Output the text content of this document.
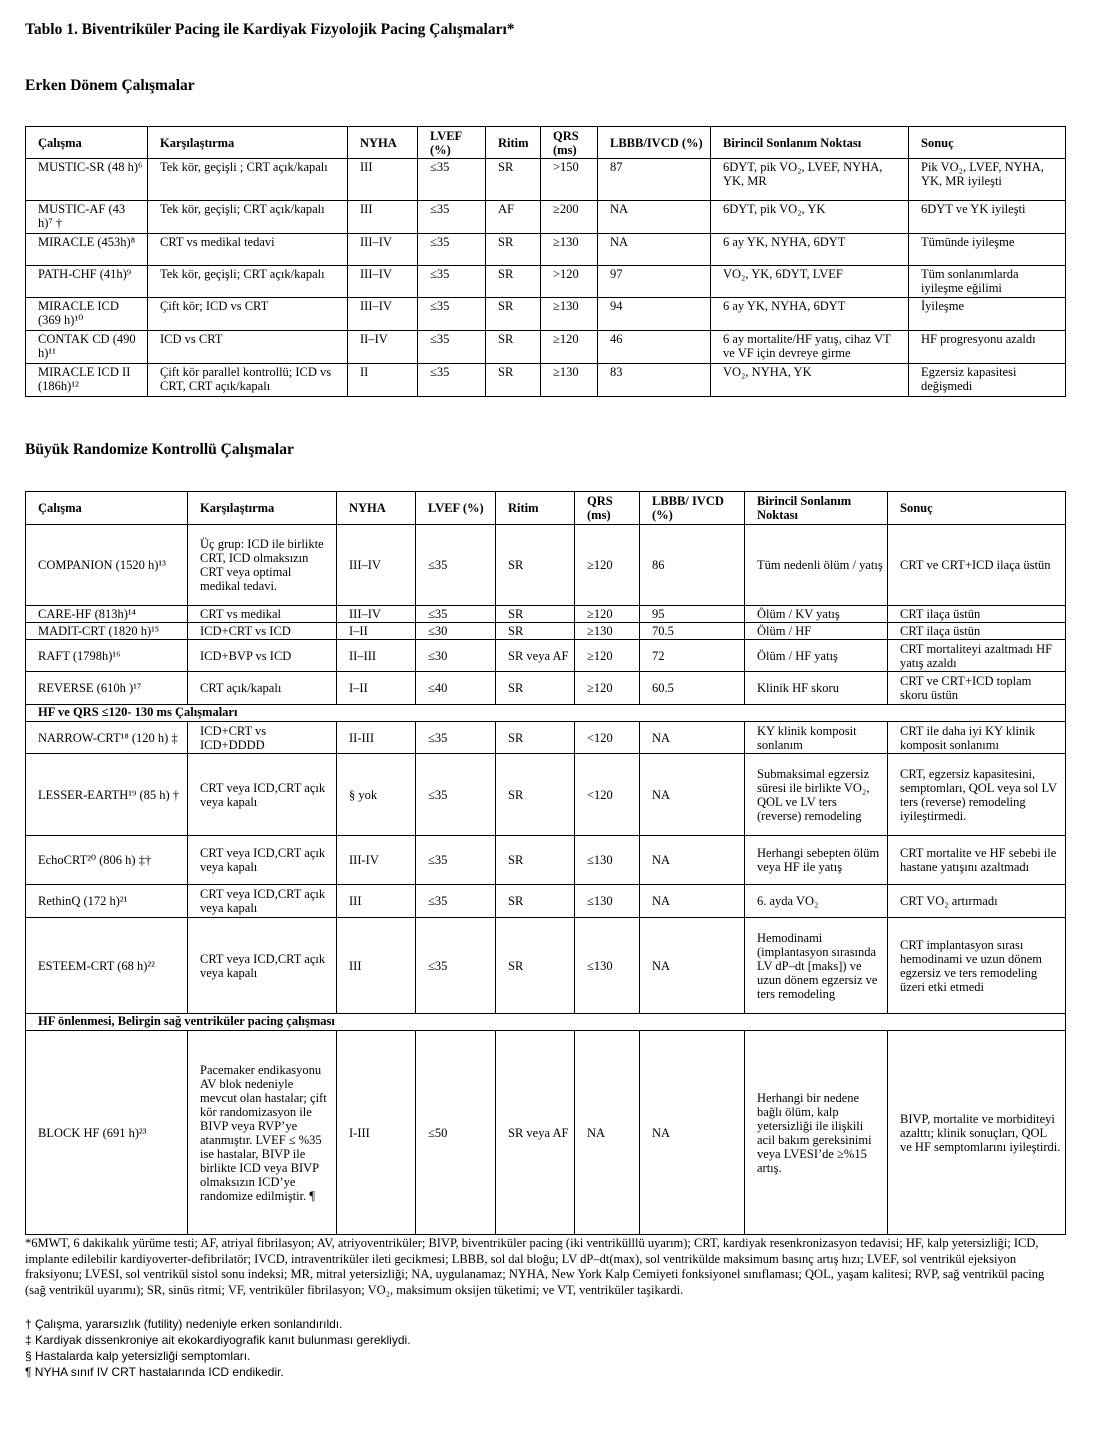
Tablo 1. Biventriküler Pacing ile Kardiyak Fizyolojik Pacing Çalışmaları*
Erken Dönem Çalışmalar
Çalışma	Karşılaştırma	NYHA	LVEF (%)	Ritim	QRS (ms)	LBBB/IVCD (%)	Birincil Sonlanım Noktası	Sonuç
MUSTIC-SR (48 h)⁶	Tek kör, geçişli ; CRT açık/kapalı	III	≤35	SR	>150	87	6DYT, pik VO₂, LVEF, NYHA, YK, MR	Pik VO₂, LVEF, NYHA, YK, MR iyileşti
MUSTIC-AF (43 h)⁷ †	Tek kör, geçişli; CRT açık/kapalı	III	≤35	AF	≥200	NA	6DYT, pik VO₂, YK	6DYT ve YK iyileşti
MIRACLE (453h)⁸	CRT vs medikal tedavi	III–IV	≤35	SR	≥130	NA	6 ay YK, NYHA, 6DYT	Tümünde iyileşme
PATH-CHF (41h)⁹	Tek kör, geçişli; CRT açık/kapalı	III–IV	≤35	SR	>120	97	VO₂, YK, 6DYT, LVEF	Tüm sonlanımlarda iyileşme eğilimi
MIRACLE ICD (369 h)¹⁰	Çift kör; ICD vs CRT	III–IV	≤35	SR	≥130	94	6 ay YK, NYHA, 6DYT	İyileşme
CONTAK CD (490 h)¹¹	ICD vs CRT	II–IV	≤35	SR	≥120	46	6 ay mortalite/HF yatış, cihaz VT ve VF için devreye girme	HF progresyonu azaldı
MIRACLE ICD II (186h)¹²	Çift kör parallel kontrollü; ICD vs CRT, CRT açık/kapalı	II	≤35	SR	≥130	83	VO₂, NYHA, YK	Egzersiz kapasitesi değişmedi
Büyük Randomize Kontrollü Çalışmalar
Çalışma	Karşılaştırma	NYHA	LVEF (%)	Ritim	QRS (ms)	LBBB/ IVCD (%)	Birincil Sonlanım Noktası	Sonuç
COMPANION (1520 h)¹³	Üç grup: ICD ile birlikte CRT, ICD olmaksızın CRT veya optimal medikal tedavi.	III–IV	≤35	SR	≥120	86	Tüm nedenli ölüm / yatış	CRT ve CRT+ICD ilaça üstün
CARE-HF (813h)¹⁴	CRT vs medikal	III–IV	≤35	SR	≥120	95	Ölüm / KV yatış	CRT ilaça üstün
MADIT-CRT (1820 h)¹⁵	ICD+CRT vs ICD	I–II	≤30	SR	≥130	70.5	Ölüm / HF	CRT ilaça üstün
RAFT (1798h)¹⁶	ICD+BVP vs ICD	II–III	≤30	SR veya AF	≥120	72	Ölüm / HF yatış	CRT mortaliteyi azaltmadı HF yatış azaldı
REVERSE (610h )¹⁷	CRT açık/kapalı	I–II	≤40	SR	≥120	60.5	Klinik HF skoru	CRT ve CRT+ICD toplam skoru üstün
HF ve QRS ≤120- 130 ms Çalışmaları								
NARROW-CRT¹⁸ (120 h) ‡	ICD+CRT vs ICD+DDDD	II-III	≤35	SR	<120	NA	KY klinik komposit sonlanım	CRT ile daha iyi KY klinik komposit sonlanımı
LESSER-EARTH¹⁹ (85 h) †	CRT veya ICD,CRT açık veya kapalı	§ yok	≤35	SR	<120	NA	Submaksimal egzersiz süresi ile birlikte VO₂, QOL ve LV ters (reverse) remodeling	CRT, egzersiz kapasitesini, semptomları, QOL veya sol LV ters (reverse) remodeling iyileştirmedi.
EchoCRT²⁰ (806 h) ‡†	CRT veya ICD,CRT açık veya kapalı	III-IV	≤35	SR	≤130	NA	Herhangi sebepten ölüm veya HF ile yatış	CRT mortalite ve HF sebebi ile hastane yatışını azaltmadı
RethinQ (172 h)²¹	CRT veya ICD,CRT açık veya kapalı	III	≤35	SR	≤130	NA	6. ayda VO₂	CRT VO₂ artırmadı
ESTEEM-CRT (68 h)²²	CRT veya ICD,CRT açık veya kapalı	III	≤35	SR	≤130	NA	Hemodinami (implantasyon sırasında LV dP–dt [maks]) ve uzun dönem egzersiz ve ters remodeling	CRT implantasyon sırası hemodinami ve uzun dönem egzersiz ve ters remodeling üzeri etki etmedi
HF önlenmesi, Belirgin sağ ventriküler pacing çalışması								
BLOCK HF (691 h)²³	Pacemaker endikasyonu AV blok nedeniyle mevcut olan hastalar; çift kör randomizasyon ile BIVP veya RVP’ye atanmıştır. LVEF ≤ %35 ise hastalar, BIVP ile birlikte ICD veya BIVP olmaksızın ICD’ye randomize edilmiştir. ¶	I-III	≤50	SR veya AF	NA	NA	Herhangi bir nedene bağlı ölüm, kalp yetersizliği ile ilişkili acil bakım gereksinimi veya LVESI’de ≥%15 artış.	BIVP, mortalite ve morbiditeyi azalttı; klinik sonuçları, QOL ve HF semptomlarını iyileştirdi.
*6MWT, 6 dakikalık yürüme testi; AF, atriyal fibrilasyon; AV, atriyoventriküler; BIVP, biventriküler pacing (iki ventrikülllü uyarım); CRT, kardiyak resenkronizasyon tedavisi; HF, kalp yetersizliği; ICD, implante edilebilir kardiyoverter-defibrilatör; IVCD, intraventriküler ileti gecikmesi; LBBB, sol dal bloğu; LV dP–dt(max), sol ventrikülde maksimum basınç artış hızı; LVEF, sol ventrikül ejeksiyon fraksiyonu; LVESI, sol ventrikül sistol sonu indeksi; MR, mitral yetersizliği; NA, uygulanamaz; NYHA, New York Kalp Cemiyeti fonksiyonel sınıflaması; QOL, yaşam kalitesi; RVP, sağ ventrikül pacing (sağ ventrikül uyarımı); SR, sinüs ritmi; VF, ventriküler fibrilasyon; VO₂, maksimum oksijen tüketimi; ve VT, ventriküler taşikardi.
† Çalışma, yararsızlık (futility) nedeniyle erken sonlandırıldı.
‡ Kardiyak dissenkroniye ait ekokardiyografik kanıt bulunması gerekliydi.
§ Hastalarda kalp yetersizliği semptomları.
¶ NYHA sınıf IV CRT hastalarında ICD endikedir.
